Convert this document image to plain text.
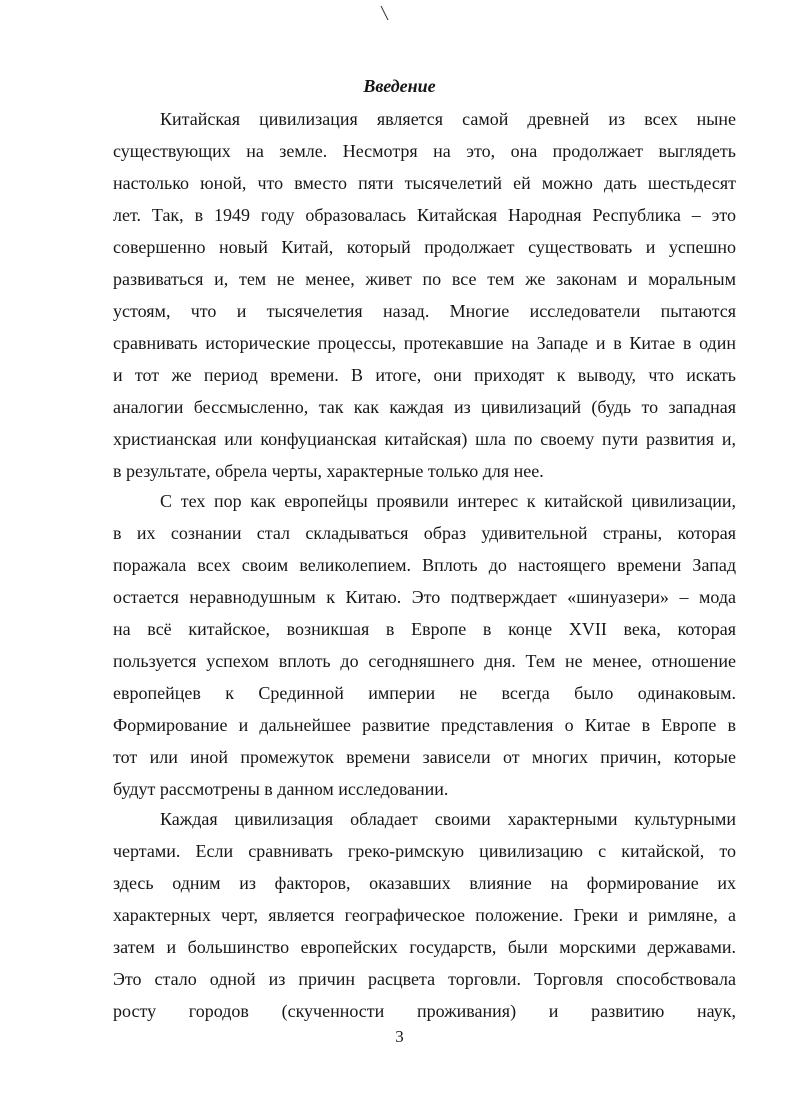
Введение
Китайская цивилизация является самой древней из всех ныне
существующих на земле. Несмотря на это, она продолжает выглядеть
настолько юной, что вместо пяти тысячелетий ей можно дать шестьдесят
лет. Так, в 1949 году образовалась Китайская Народная Республика – это
совершенно новый Китай, который продолжает существовать и успешно
развиваться и, тем не менее, живет по все тем же законам и моральным
устоям, что и тысячелетия назад. Многие исследователи пытаются
сравнивать исторические процессы, протекавшие на Западе и в Китае в один
и тот же период времени. В итоге, они приходят к выводу, что искать
аналогии бессмысленно, так как каждая из цивилизаций (будь то западная
христианская или конфуцианская китайская) шла по своему пути развития и,
в результате, обрела черты, характерные только для нее.
С тех пор как европейцы проявили интерес к китайской цивилизации,
в их сознании стал складываться образ удивительной страны, которая
поражала всех своим великолепием. Вплоть до настоящего времени Запад
остается неравнодушным к Китаю. Это подтверждает «шинуазери» – мода
на всё китайское, возникшая в Европе в конце XVII века, которая
пользуется успехом вплоть до сегодняшнего дня. Тем не менее, отношение
европейцев к Срединной империи не всегда было одинаковым.
Формирование и дальнейшее развитие представления о Китае в Европе в
тот или иной промежуток времени зависели от многих причин, которые
будут рассмотрены в данном исследовании.
Каждая цивилизация обладает своими характерными культурными
чертами. Если сравнивать греко-римскую цивилизацию с китайской, то
здесь одним из факторов, оказавших влияние на формирование их
характерных черт, является географическое положение. Греки и римляне, а
затем и большинство европейских государств, были морскими державами.
Это стало одной из причин расцвета торговли. Торговля способствовала
росту городов (скученности проживания) и развитию наук,
3
